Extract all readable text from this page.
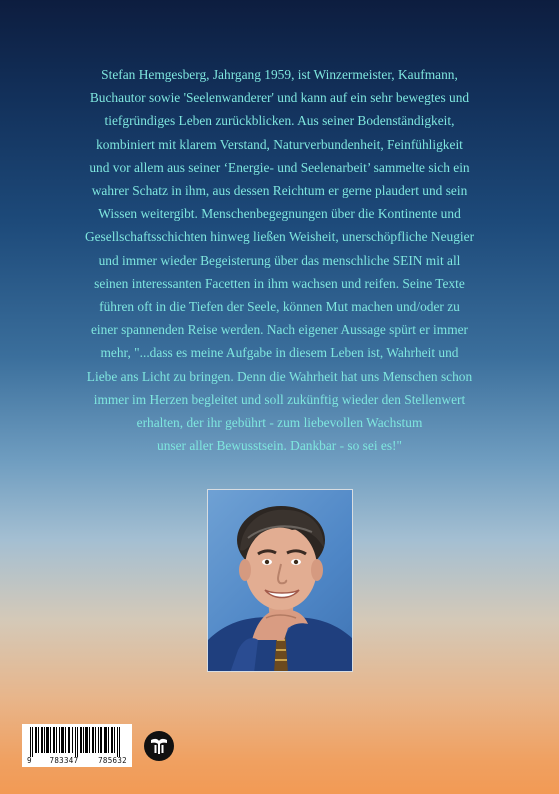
Stefan Hemgesberg, Jahrgang 1959, ist Winzermeister, Kaufmann,
Buchautor sowie 'Seelenwanderer' und kann auf ein sehr bewegtes und
tiefgründiges Leben zurückblicken. Aus seiner Bodenständigkeit,
kombiniert mit klarem Verstand, Naturverbundenheit, Feinfühligkeit
und vor allem aus seiner ‘Energie- und Seelenarbeit’ sammelte sich ein
wahrer Schatz in ihm, aus dessen Reichtum er gerne plaudert und sein
Wissen weitergibt. Menschenbegegnungen über die Kontinente und
Gesellschaftsschichten hinweg ließen Weisheit, unerschöpfliche Neugier
und immer wieder Begeisterung über das menschliche SEIN mit all
seinen interessanten Facetten in ihm wachsen und reifen. Seine Texte
führen oft in die Tiefen der Seele, können Mut machen und/oder zu
einer spannenden Reise werden. Nach eigener Aussage spürt er immer
mehr, "...dass es meine Aufgabe in diesem Leben ist, Wahrheit und
Liebe ans Licht zu bringen. Denn die Wahrheit hat uns Menschen schon
immer im Herzen begleitet und soll zukünftig wieder den Stellenwert
erhalten, der ihr gebührt - zum liebevollen Wachstum
unser aller Bewusstsein. Dankbar - so sei es!"
9 783347	785632
